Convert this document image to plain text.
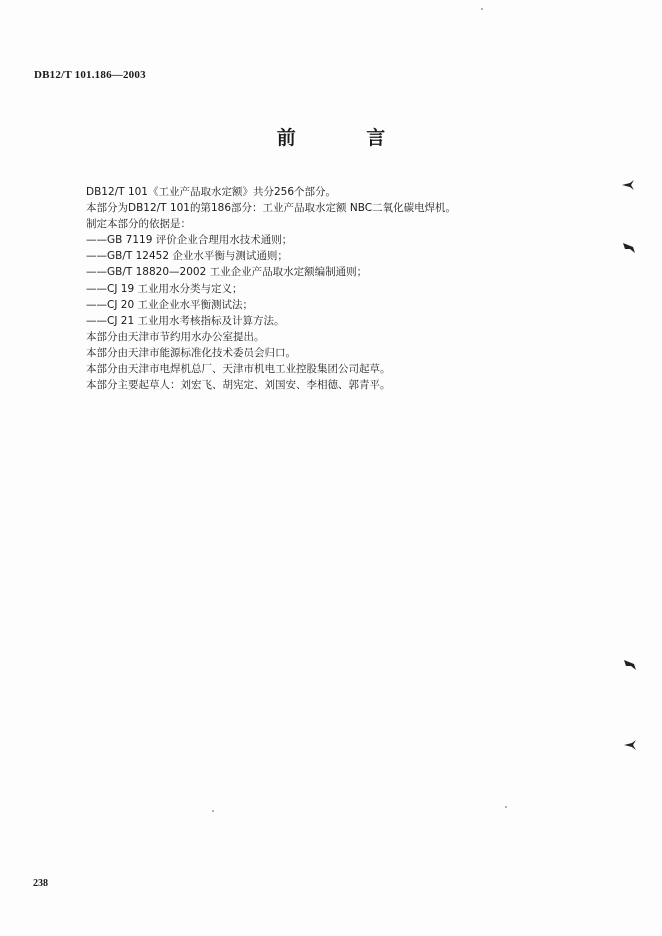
DB12/T 101.186—2003
前 言
DB12/T 101《工业产品取水定额》共分256个部分。
本部分为DB12/T 101的第186部分：工业产品取水定额 NBC二氧化碳电焊机。
制定本部分的依据是：
——GB 7119 评价企业合理用水技术通则；
——GB/T 12452 企业水平衡与测试通则；
——GB/T 18820—2002 工业企业产品取水定额编制通则；
——CJ 19 工业用水分类与定义；
——CJ 20 工业企业水平衡测试法；
——CJ 21 工业用水考核指标及计算方法。
本部分由天津市节约用水办公室提出。
本部分由天津市能源标准化技术委员会归口。
本部分由天津市电焊机总厂、天津市机电工业控股集团公司起草。
本部分主要起草人：刘宏飞、胡宪定、刘国安、李相德、郭青平。
238
